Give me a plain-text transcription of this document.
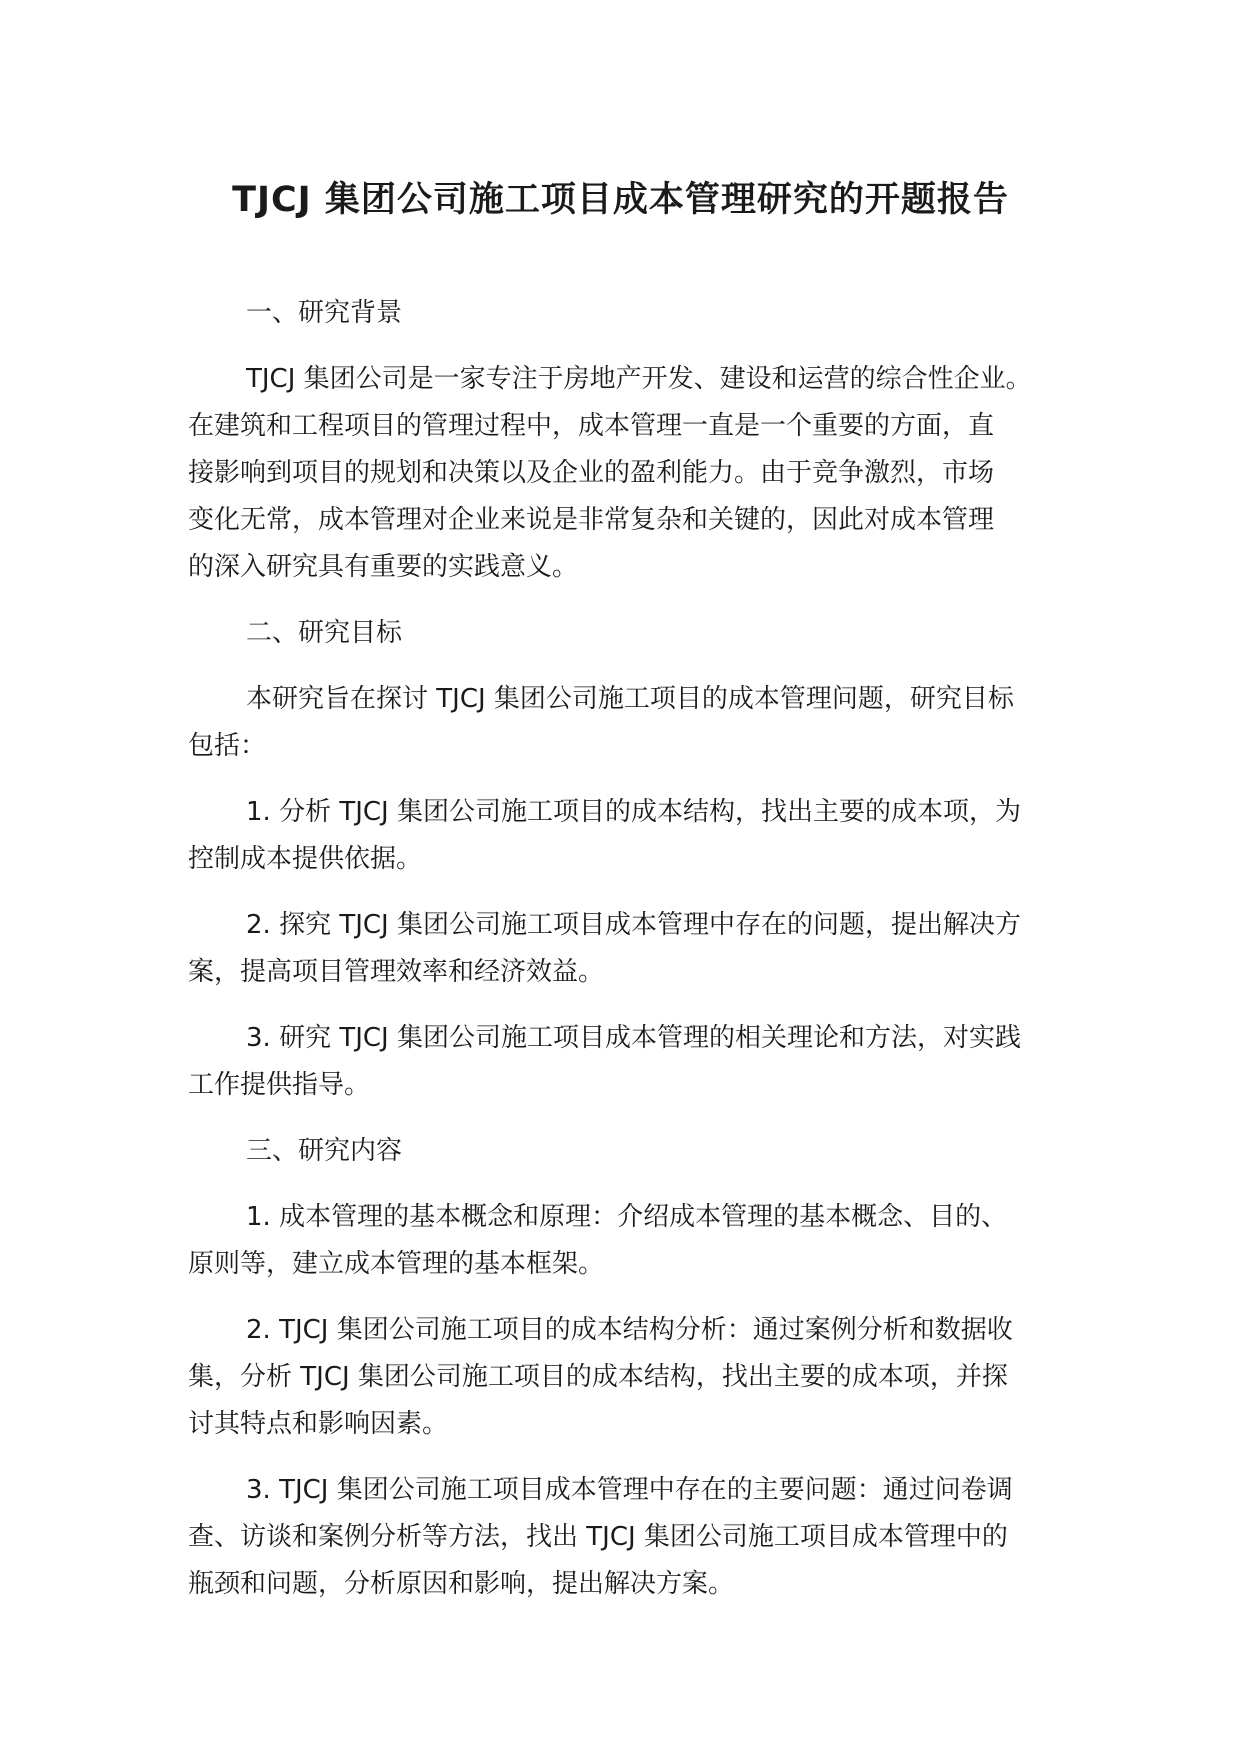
TJCJ 集团公司施工项目成本管理研究的开题报告
一、研究背景
TJCJ 集团公司是一家专注于房地产开发、建设和运营的综合性企业。
在建筑和工程项目的管理过程中，成本管理一直是一个重要的方面，直
接影响到项目的规划和决策以及企业的盈利能力。由于竞争激烈，市场
变化无常，成本管理对企业来说是非常复杂和关键的，因此对成本管理
的深入研究具有重要的实践意义。
二、研究目标
本研究旨在探讨 TJCJ 集团公司施工项目的成本管理问题，研究目标
包括：
1. 分析 TJCJ 集团公司施工项目的成本结构，找出主要的成本项，为
控制成本提供依据。
2. 探究 TJCJ 集团公司施工项目成本管理中存在的问题，提出解决方
案，提高项目管理效率和经济效益。
3. 研究 TJCJ 集团公司施工项目成本管理的相关理论和方法，对实践
工作提供指导。
三、研究内容
1. 成本管理的基本概念和原理：介绍成本管理的基本概念、目的、
原则等，建立成本管理的基本框架。
2. TJCJ 集团公司施工项目的成本结构分析：通过案例分析和数据收
集，分析 TJCJ 集团公司施工项目的成本结构，找出主要的成本项，并探
讨其特点和影响因素。
3. TJCJ 集团公司施工项目成本管理中存在的主要问题：通过问卷调
查、访谈和案例分析等方法，找出 TJCJ 集团公司施工项目成本管理中的
瓶颈和问题，分析原因和影响，提出解决方案。
